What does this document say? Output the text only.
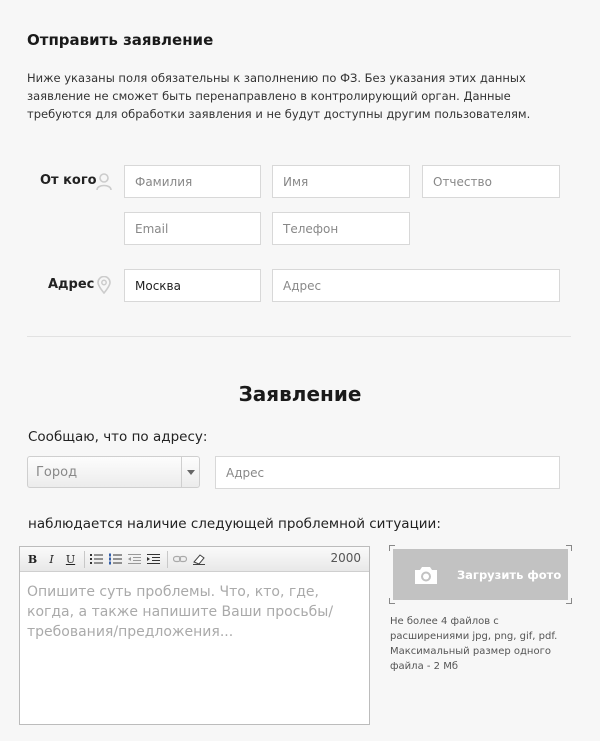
Отправить заявление
Ниже указаны поля обязательны к заполнению по ФЗ. Без указания этих данных заявление не сможет быть перенаправлено в контролирующий орган. Данные требуются для обработки заявления и не будут доступны другим пользователям.
От кого	Фамилия	Имя	Отчество
Email	Телефон
Адрес	Москва	Адрес
Заявление
Сообщаю, что по адресу:
Город	Адрес
наблюдается наличие следующей проблемной ситуации:
B	I	U	2000
Опишите суть проблемы. Что, кто, где, когда, а также напишите Ваши просьбы/требования/предложения...
Загрузить фото
Не более 4 файлов с расширениями jpg, png, gif, pdf. Максимальный размер одного файла - 2 Мб
